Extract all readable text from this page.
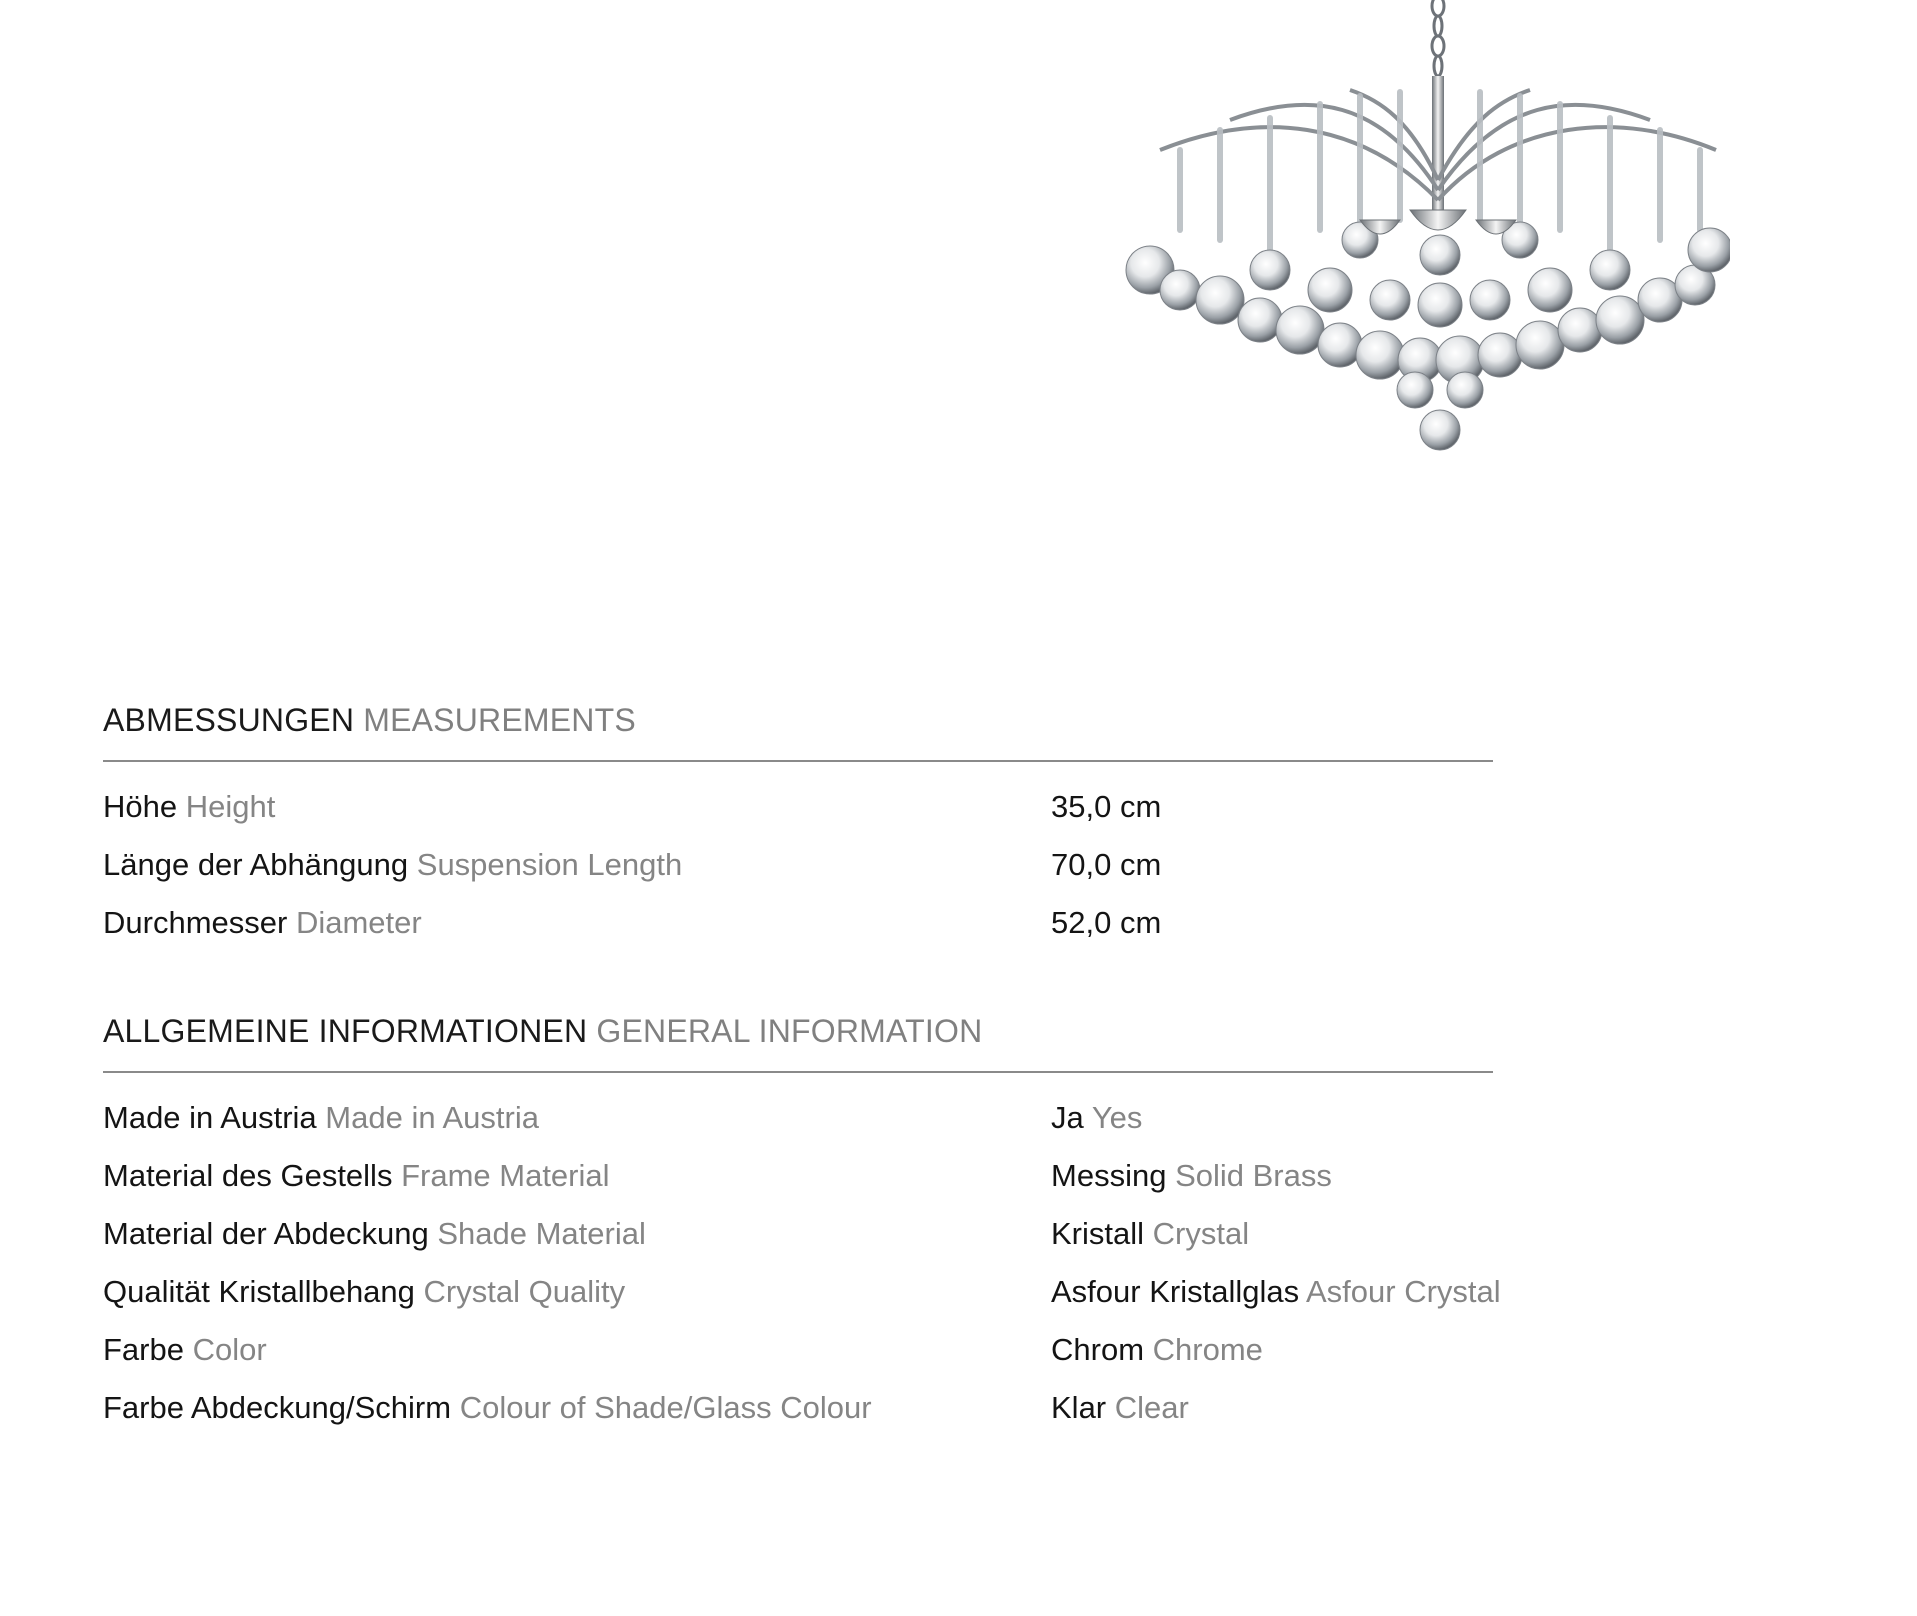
ABMESSUNGEN MEASUREMENTS
Höhe Height	35,0 cm
Länge der Abhängung Suspension Length	70,0 cm
Durchmesser Diameter	52,0 cm
ALLGEMEINE INFORMATIONEN GENERAL INFORMATION
Made in Austria Made in Austria	Ja Yes
Material des Gestells Frame Material	Messing Solid Brass
Material der Abdeckung Shade Material	Kristall Crystal
Qualität Kristallbehang Crystal Quality	Asfour Kristallglas Asfour Crystal
Farbe Color	Chrom Chrome
Farbe Abdeckung/Schirm Colour of Shade/Glass Colour	Klar Clear
